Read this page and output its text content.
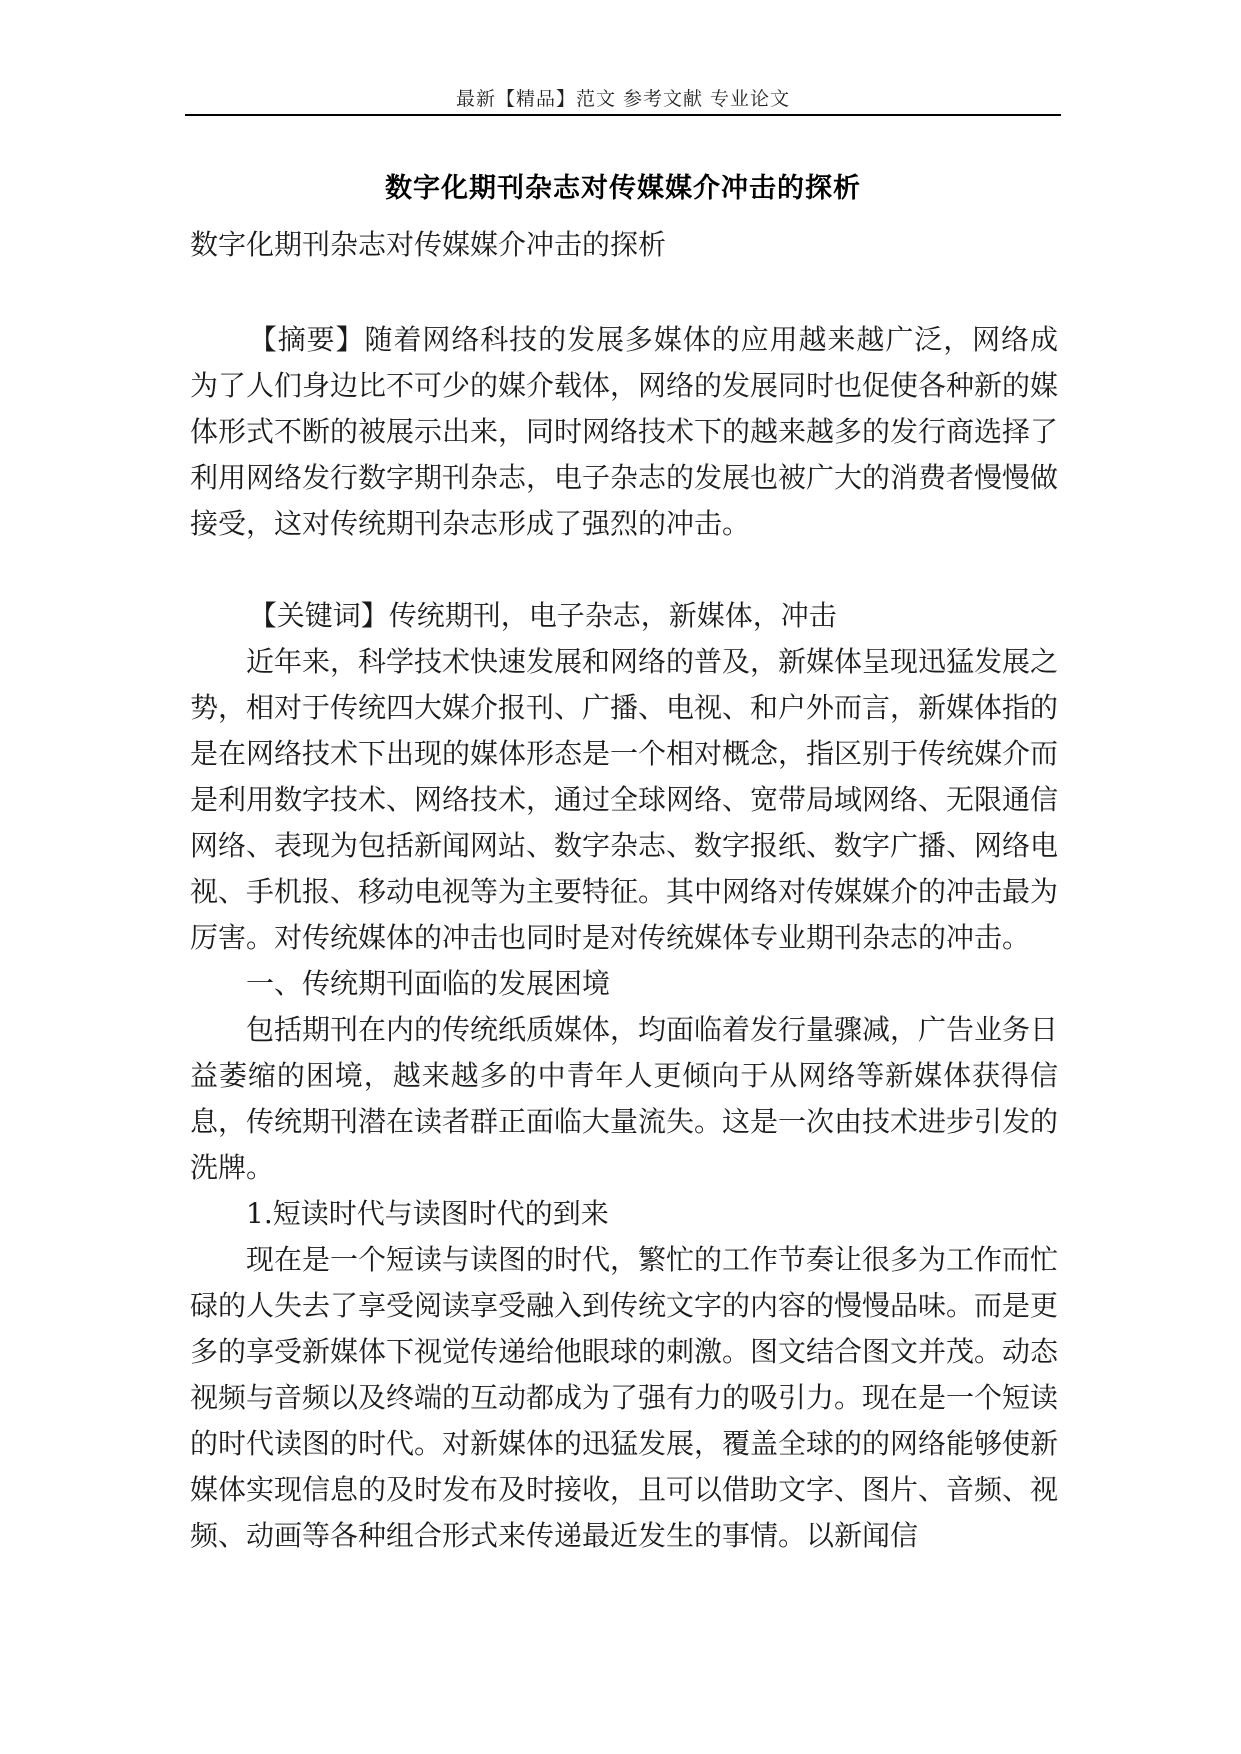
最新【精品】范文 参考文献 专业论文
数字化期刊杂志对传媒媒介冲击的探析

数字化期刊杂志对传媒媒介冲击的探析

【摘要】随着网络科技的发展多媒体的应用越来越广泛，网络成为了人们身边比不可少的媒介载体，网络的发展同时也促使各种新的媒体形式不断的被展示出来，同时网络技术下的越来越多的发行商选择了利用网络发行数字期刊杂志，电子杂志的发展也被广大的消费者慢慢做接受，这对传统期刊杂志形成了强烈的冲击。

【关键词】传统期刊，电子杂志，新媒体，冲击

近年来，科学技术快速发展和网络的普及，新媒体呈现迅猛发展之势，相对于传统四大媒介报刊、广播、电视、和户外而言，新媒体指的是在网络技术下出现的媒体形态是一个相对概念，指区别于传统媒介而是利用数字技术、网络技术，通过全球网络、宽带局域网络、无限通信网络、表现为包括新闻网站、数字杂志、数字报纸、数字广播、网络电视、手机报、移动电视等为主要特征。其中网络对传媒媒介的冲击最为厉害。对传统媒体的冲击也同时是对传统媒体专业期刊杂志的冲击。

一、传统期刊面临的发展困境

包括期刊在内的传统纸质媒体，均面临着发行量骤减，广告业务日益萎缩的困境，越来越多的中青年人更倾向于从网络等新媒体获得信息，传统期刊潜在读者群正面临大量流失。这是一次由技术进步引发的洗牌。

1.短读时代与读图时代的到来

现在是一个短读与读图的时代，繁忙的工作节奏让很多为工作而忙碌的人失去了享受阅读享受融入到传统文字的内容的慢慢品味。而是更多的享受新媒体下视觉传递给他眼球的刺激。图文结合图文并茂。动态视频与音频以及终端的互动都成为了强有力的吸引力。现在是一个短读的时代读图的时代。对新媒体的迅猛发展，覆盖全球的的网络能够使新媒体实现信息的及时发布及时接收，且可以借助文字、图片、音频、视频、动画等各种组合形式来传递最近发生的事情。以新闻信
